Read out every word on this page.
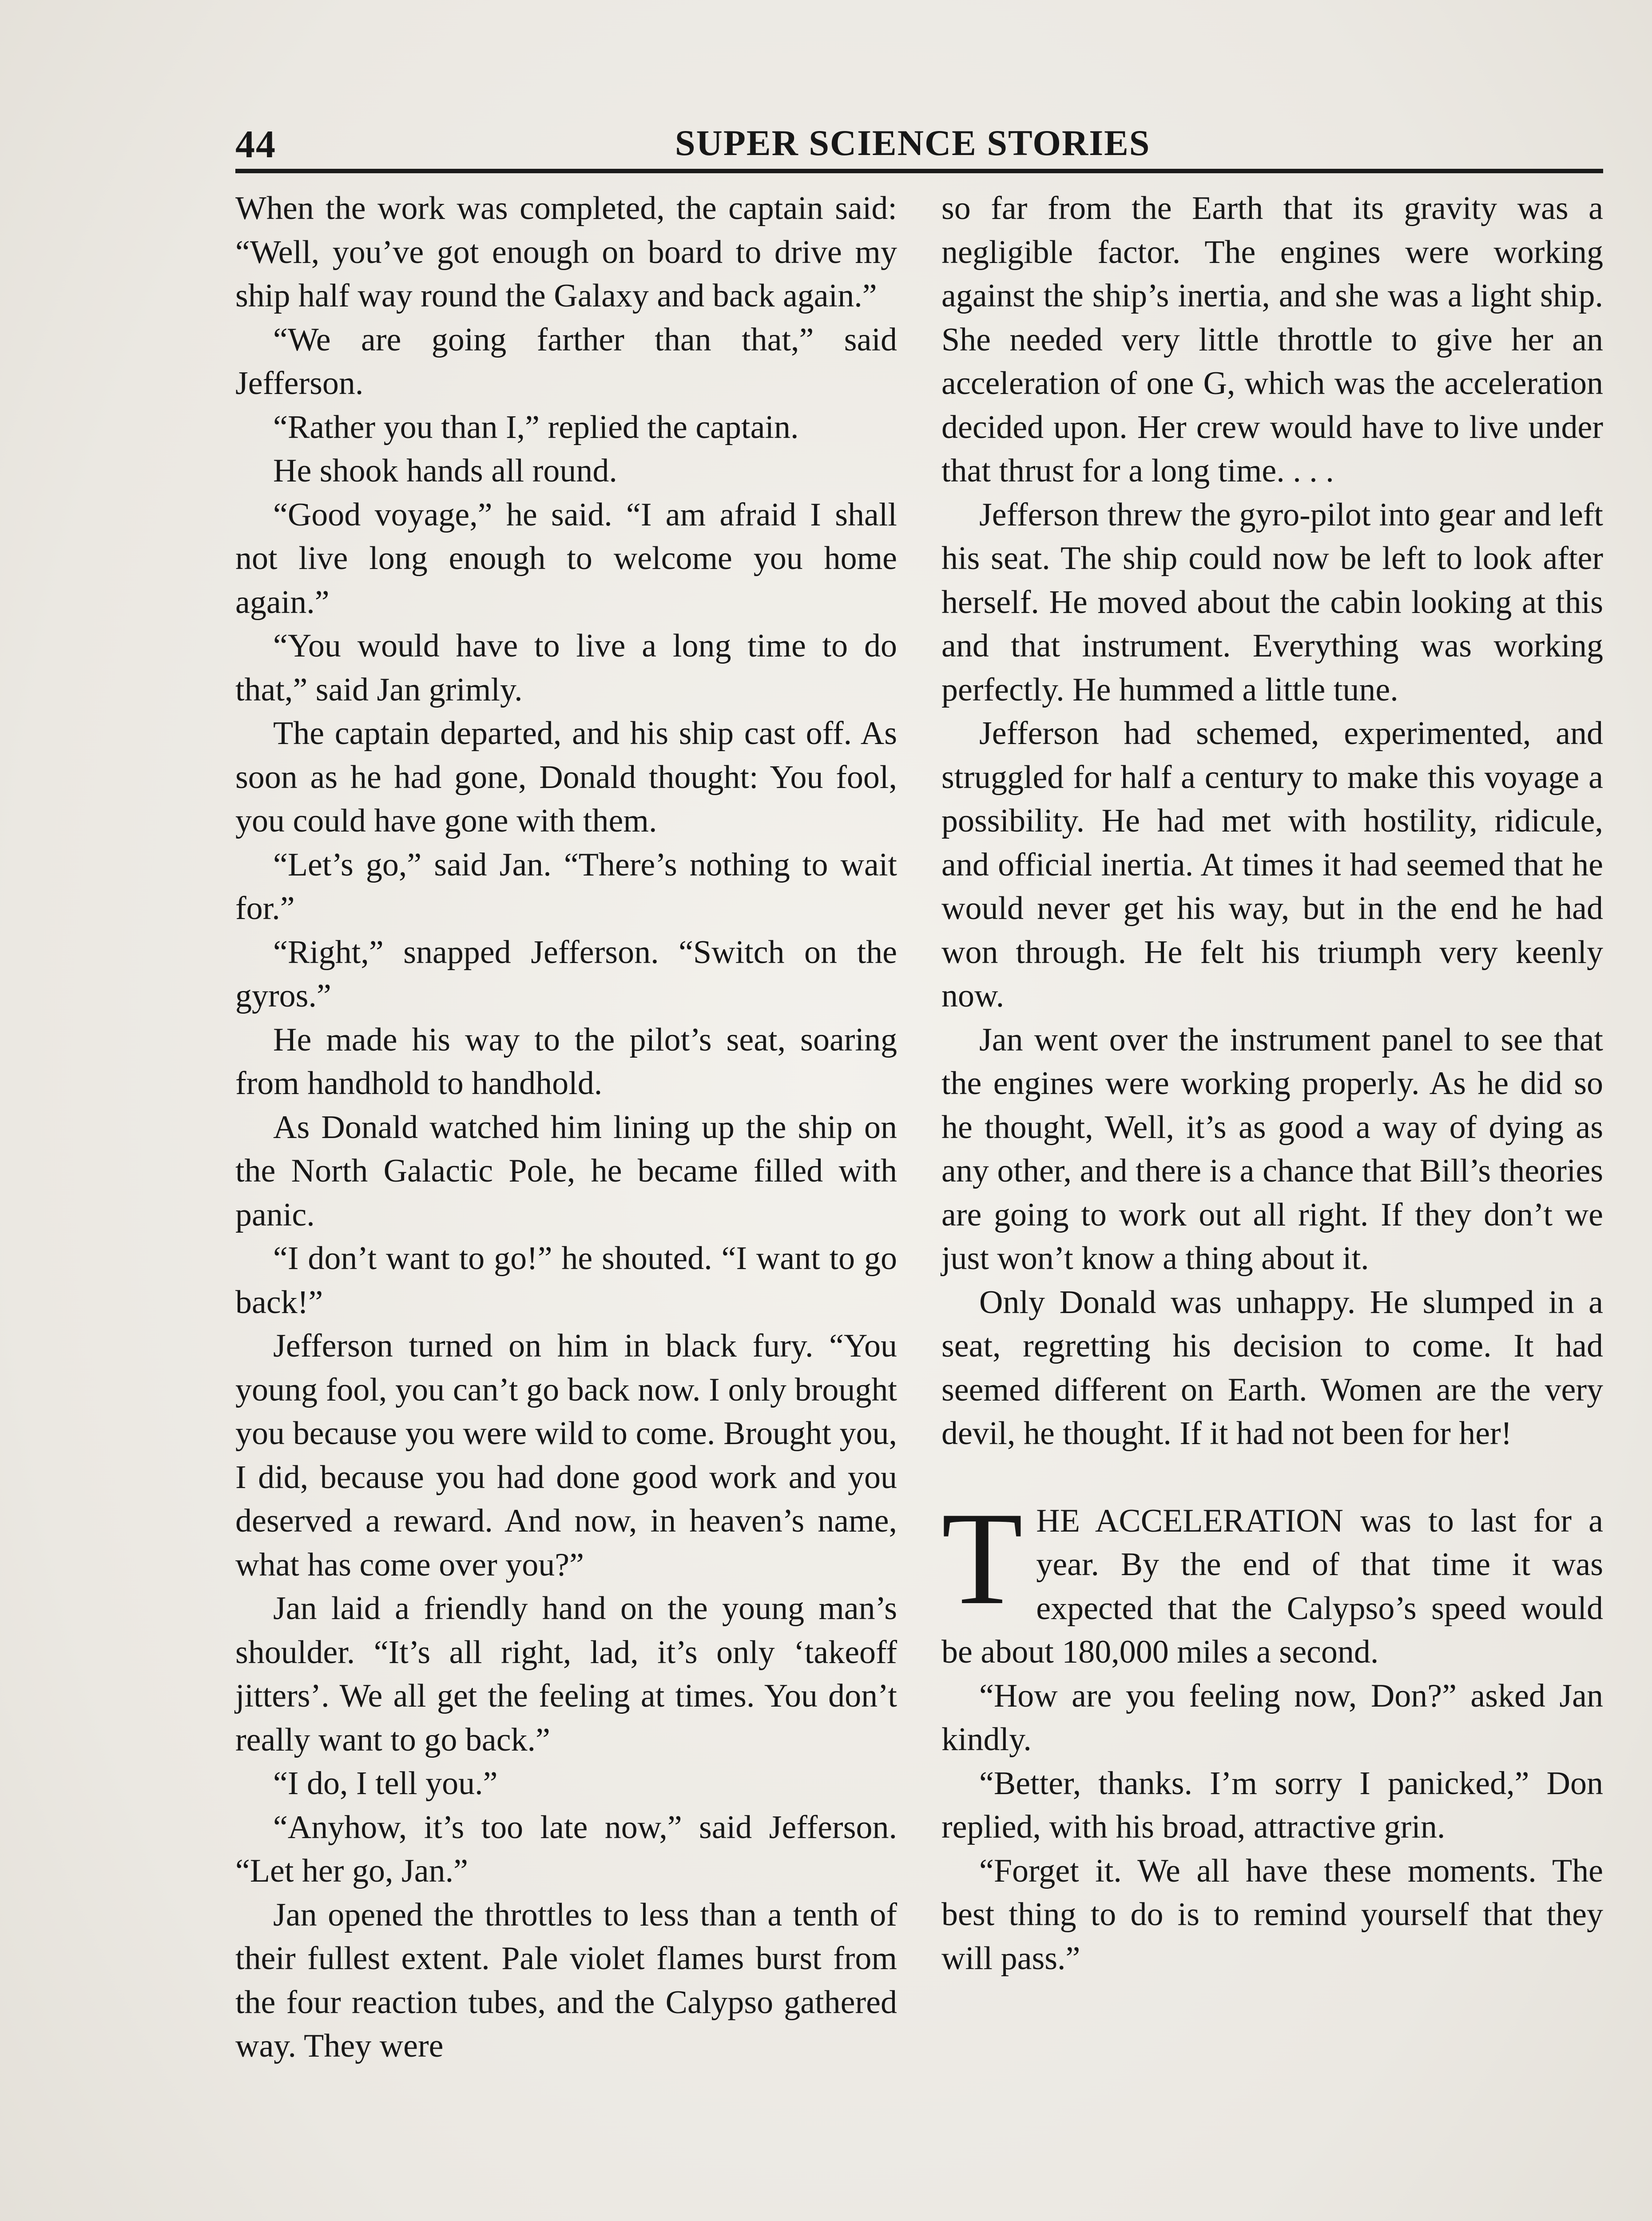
44	SUPER SCIENCE STORIES

When the work was completed, the captain said: “Well, you’ve got enough on board to drive my ship half way round the Galaxy and back again.”

“We are going farther than that,” said Jefferson.

“Rather you than I,” replied the captain.

He shook hands all round.

“Good voyage,” he said. “I am afraid I shall not live long enough to welcome you home again.”

“You would have to live a long time to do that,” said Jan grimly.

The captain departed, and his ship cast off. As soon as he had gone, Donald thought: You fool, you could have gone with them.

“Let’s go,” said Jan. “There’s nothing to wait for.”

“Right,” snapped Jefferson. “Switch on the gyros.”

He made his way to the pilot’s seat, soaring from handhold to handhold.

As Donald watched him lining up the ship on the North Galactic Pole, he became filled with panic.

“I don’t want to go!” he shouted. “I want to go back!”

Jefferson turned on him in black fury. “You young fool, you can’t go back now. I only brought you because you were wild to come. Brought you, I did, because you had done good work and you deserved a reward. And now, in heaven’s name, what has come over you?”

Jan laid a friendly hand on the young man’s shoulder. “It’s all right, lad, it’s only ‘takeoff jitters’. We all get the feeling at times. You don’t really want to go back.”

“I do, I tell you.”

“Anyhow, it’s too late now,” said Jefferson. “Let her go, Jan.”

Jan opened the throttles to less than a tenth of their fullest extent. Pale violet flames burst from the four reaction tubes, and the Calypso gathered way. They were

so far from the Earth that its gravity was a negligible factor. The engines were working against the ship’s inertia, and she was a light ship. She needed very little throttle to give her an acceleration of one G, which was the acceleration decided upon. Her crew would have to live under that thrust for a long time. . . .

Jefferson threw the gyro-pilot into gear and left his seat. The ship could now be left to look after herself. He moved about the cabin looking at this and that instrument. Everything was working perfectly. He hummed a little tune.

Jefferson had schemed, experimented, and struggled for half a century to make this voyage a possibility. He had met with hostility, ridicule, and official inertia. At times it had seemed that he would never get his way, but in the end he had won through. He felt his triumph very keenly now.

Jan went over the instrument panel to see that the engines were working properly. As he did so he thought, Well, it’s as good a way of dying as any other, and there is a chance that Bill’s theories are going to work out all right. If they don’t we just won’t know a thing about it.

Only Donald was unhappy. He slumped in a seat, regretting his decision to come. It had seemed different on Earth. Women are the very devil, he thought. If it had not been for her!

THE ACCELERATION was to last for a year. By the end of that time it was expected that the Calypso’s speed would be about 180,000 miles a second.

“How are you feeling now, Don?” asked Jan kindly.

“Better, thanks. I’m sorry I panicked,” Don replied, with his broad, attractive grin.

“Forget it. We all have these moments. The best thing to do is to remind yourself that they will pass.”
